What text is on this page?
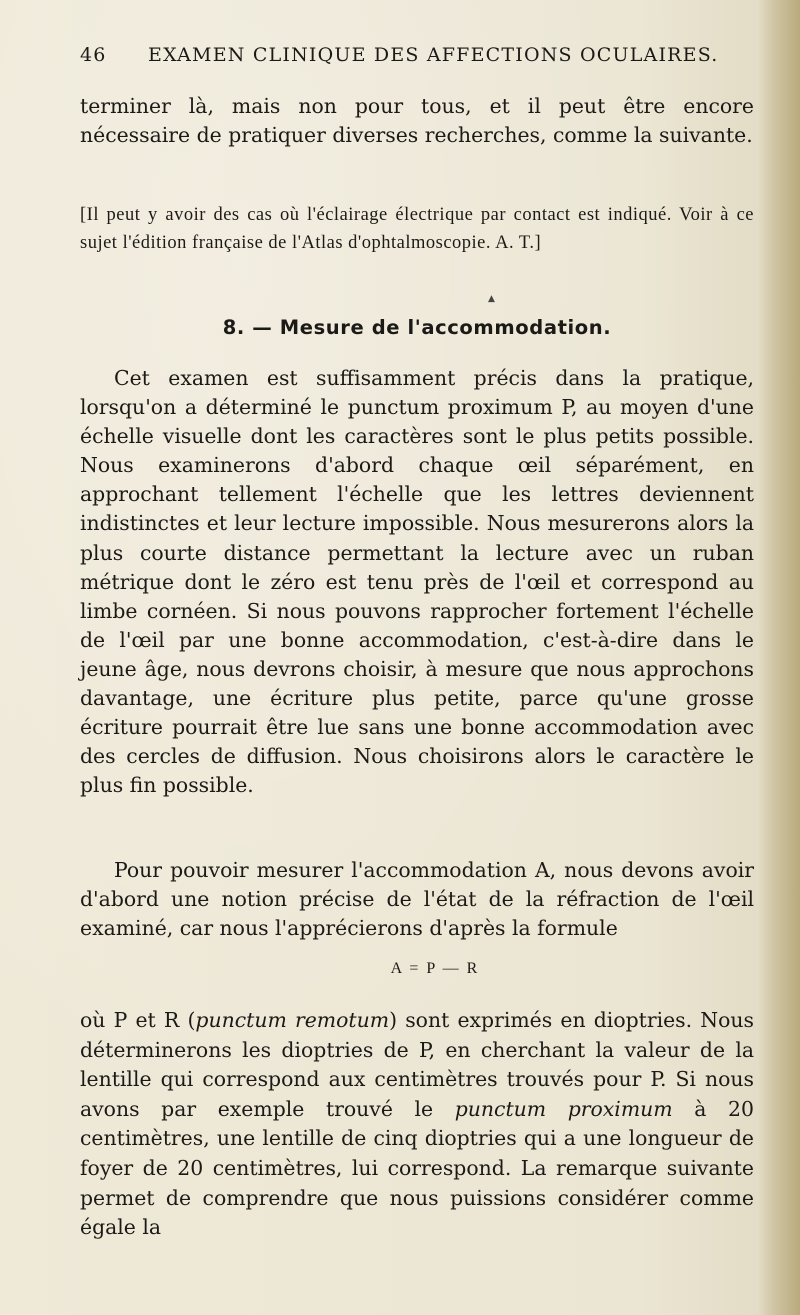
46 EXAMEN CLINIQUE DES AFFECTIONS OCULAIRES.
terminer là, mais non pour tous, et il peut être encore nécessaire de pratiquer diverses recherches, comme la suivante.
[Il peut y avoir des cas où l'éclairage électrique par contact est indiqué. Voir à ce sujet l'édition française de l'Atlas d'ophtalmoscopie. A. T.]
▲
8. — Mesure de l'accommodation.
Cet examen est suffisamment précis dans la pratique, lorsqu'on a déterminé le punctum proximum P, au moyen d'une échelle visuelle dont les caractères sont le plus petits possible. Nous examinerons d'abord chaque œil séparément, en approchant tellement l'échelle que les lettres deviennent indistinctes et leur lecture impossible. Nous mesurerons alors la plus courte distance permettant la lecture avec un ruban métrique dont le zéro est tenu près de l'œil et correspond au limbe cornéen. Si nous pouvons rapprocher fortement l'échelle de l'œil par une bonne accommodation, c'est-à-dire dans le jeune âge, nous devrons choisir, à mesure que nous approchons davantage, une écriture plus petite, parce qu'une grosse écriture pourrait être lue sans une bonne accommodation avec des cercles de diffusion. Nous choisirons alors le caractère le plus fin possible.
Pour pouvoir mesurer l'accommodation A, nous devons avoir d'abord une notion précise de l'état de la réfraction de l'œil examiné, car nous l'apprécierons d'après la formule
A = P — R
où P et R (punctum remotum) sont exprimés en dioptries. Nous déterminerons les dioptries de P, en cherchant la valeur de la lentille qui correspond aux centimètres trouvés pour P. Si nous avons par exemple trouvé le punctum proximum à 20 centimètres, une lentille de cinq dioptries qui a une longueur de foyer de 20 centimètres, lui correspond. La remarque suivante permet de comprendre que nous puissions considérer comme égale la
